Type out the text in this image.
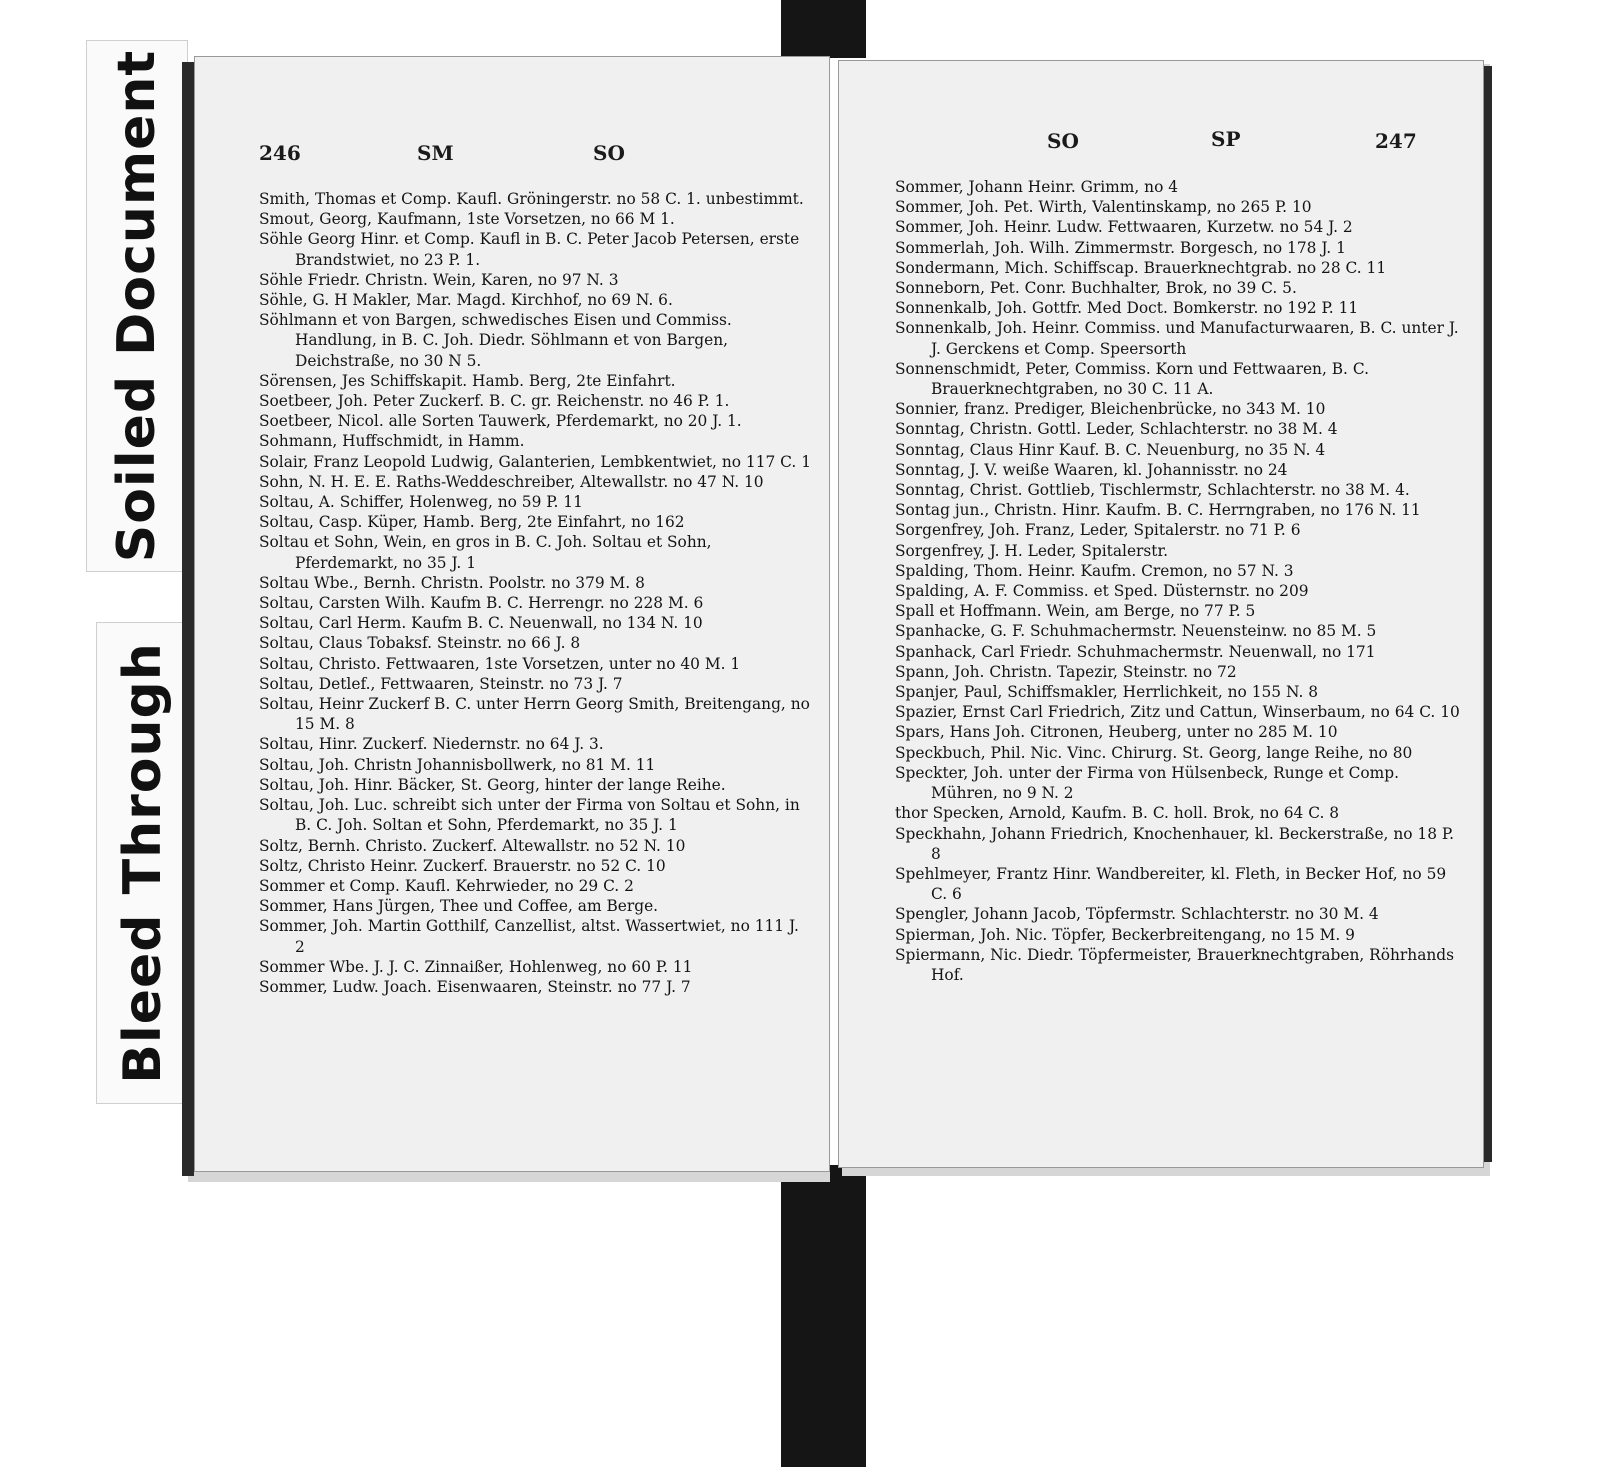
Soiled Document
Bleed Through
246	SM	SO
Smith, Thomas et Comp. Kaufl. Gröningerstr. no 58 C. 1. unbestimmt.
Smout, Georg, Kaufmann, 1ste Vorsetzen, no 66 M 1.
Söhle Georg Hinr. et Comp. Kaufl in B. C. Peter Jacob Petersen, erste Brandstwiet, no 23 P. 1.
Söhle Friedr. Christn. Wein, Karen, no 97 N. 3
Söhle, G. H Makler, Mar. Magd. Kirchhof, no 69 N. 6.
Söhlmann et von Bargen, schwedisches Eisen und Commiss. Handlung, in B. C. Joh. Diedr. Söhlmann et von Bargen, Deichstraße, no 30 N 5.
Sörensen, Jes Schiffskapit. Hamb. Berg, 2te Einfahrt.
Soetbeer, Joh. Peter Zuckerf. B. C. gr. Reichenstr. no 46 P. 1.
Soetbeer, Nicol. alle Sorten Tauwerk, Pferdemarkt, no 20 J. 1.
Sohmann, Huffschmidt, in Hamm.
Solair, Franz Leopold Ludwig, Galanterien, Lembkentwiet, no 117 C. 1
Sohn, N. H. E. E. Raths-Weddeschreiber, Altewallstr. no 47 N. 10
Soltau, A. Schiffer, Holenweg, no 59 P. 11
Soltau, Casp. Küper, Hamb. Berg, 2te Einfahrt, no 162
Soltau et Sohn, Wein, en gros in B. C. Joh. Soltau et Sohn, Pferdemarkt, no 35 J. 1
Soltau Wbe., Bernh. Christn. Poolstr. no 379 M. 8
Soltau, Carsten Wilh. Kaufm B. C. Herrengr. no 228 M. 6
Soltau, Carl Herm. Kaufm B. C. Neuenwall, no 134 N. 10
Soltau, Claus Tobaksf. Steinstr. no 66 J. 8
Soltau, Christo. Fettwaaren, 1ste Vorsetzen, unter no 40 M. 1
Soltau, Detlef., Fettwaaren, Steinstr. no 73 J. 7
Soltau, Heinr Zuckerf B. C. unter Herrn Georg Smith, Breitengang, no 15 M. 8
Soltau, Hinr. Zuckerf. Niedernstr. no 64 J. 3.
Soltau, Joh. Christn Johannisbollwerk, no 81 M. 11
Soltau, Joh. Hinr. Bäcker, St. Georg, hinter der lange Reihe.
Soltau, Joh. Luc. schreibt sich unter der Firma von Soltau et Sohn, in B. C. Joh. Soltan et Sohn, Pferdemarkt, no 35 J. 1
Soltz, Bernh. Christo. Zuckerf. Altewallstr. no 52 N. 10
Soltz, Christo Heinr. Zuckerf. Brauerstr. no 52 C. 10
Sommer et Comp. Kaufl. Kehrwieder, no 29 C. 2
Sommer, Hans Jürgen, Thee und Coffee, am Berge.
Sommer, Joh. Martin Gotthilf, Canzellist, altst. Wassertwiet, no 111 J. 2
Sommer Wbe. J. J. C. Zinnaißer, Hohlenweg, no 60 P. 11
Sommer, Ludw. Joach. Eisenwaaren, Steinstr. no 77 J. 7
SO	SP	247
Sommer, Johann Heinr. Grimm, no 4
Sommer, Joh. Pet. Wirth, Valentinskamp, no 265 P. 10
Sommer, Joh. Heinr. Ludw. Fettwaaren, Kurzetw. no 54 J. 2
Sommerlah, Joh. Wilh. Zimmermstr. Borgesch, no 178 J. 1
Sondermann, Mich. Schiffscap. Brauerknechtgrab. no 28 C. 11
Sonneborn, Pet. Conr. Buchhalter, Brok, no 39 C. 5.
Sonnenkalb, Joh. Gottfr. Med Doct. Bomkerstr. no 192 P. 11
Sonnenkalb, Joh. Heinr. Commiss. und Manufacturwaaren, B. C. unter J. J. Gerckens et Comp. Speersorth
Sonnenschmidt, Peter, Commiss. Korn und Fettwaaren, B. C. Brauerknechtgraben, no 30 C. 11 A.
Sonnier, franz. Prediger, Bleichenbrücke, no 343 M. 10
Sonntag, Christn. Gottl. Leder, Schlachterstr. no 38 M. 4
Sonntag, Claus Hinr Kauf. B. C. Neuenburg, no 35 N. 4
Sonntag, J. V. weiße Waaren, kl. Johannisstr. no 24
Sonntag, Christ. Gottlieb, Tischlermstr, Schlachterstr. no 38 M. 4.
Sontag jun., Christn. Hinr. Kaufm. B. C. Herrngraben, no 176 N. 11
Sorgenfrey, Joh. Franz, Leder, Spitalerstr. no 71 P. 6
Sorgenfrey, J. H. Leder, Spitalerstr.
Spalding, Thom. Heinr. Kaufm. Cremon, no 57 N. 3
Spalding, A. F. Commiss. et Sped. Düsternstr. no 209
Spall et Hoffmann. Wein, am Berge, no 77 P. 5
Spanhacke, G. F. Schuhmachermstr. Neuensteinw. no 85 M. 5
Spanhack, Carl Friedr. Schuhmachermstr. Neuenwall, no 171
Spann, Joh. Christn. Tapezir, Steinstr. no 72
Spanjer, Paul, Schiffsmakler, Herrlichkeit, no 155 N. 8
Spazier, Ernst Carl Friedrich, Zitz und Cattun, Winserbaum, no 64 C. 10
Spars, Hans Joh. Citronen, Heuberg, unter no 285 M. 10
Speckbuch, Phil. Nic. Vinc. Chirurg. St. Georg, lange Reihe, no 80
Speckter, Joh. unter der Firma von Hülsenbeck, Runge et Comp. Mühren, no 9 N. 2
thor Specken, Arnold, Kaufm. B. C. holl. Brok, no 64 C. 8
Speckhahn, Johann Friedrich, Knochenhauer, kl. Beckerstraße, no 18 P. 8
Spehlmeyer, Frantz Hinr. Wandbereiter, kl. Fleth, in Becker Hof, no 59 C. 6
Spengler, Johann Jacob, Töpfermstr. Schlachterstr. no 30 M. 4
Spierman, Joh. Nic. Töpfer, Beckerbreitengang, no 15 M. 9
Spiermann, Nic. Diedr. Töpfermeister, Brauerknechtgraben, Röhrhands Hof.
